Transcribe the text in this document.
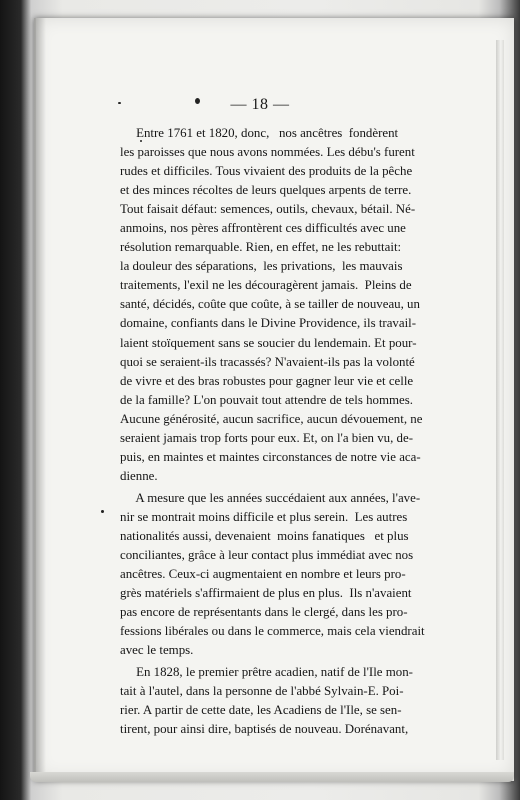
— 18 —

Entre 1761 et 1820, donc,   nos ancêtres  fondèrent
les paroisses que nous avons nommées. Les débu's furent
rudes et difficiles. Tous vivaient des produits de la pêche
et des minces récoltes de leurs quelques arpents de terre.
Tout faisait défaut: semences, outils, chevaux, bétail. Né-
anmoins, nos pères affrontèrent ces difficultés avec une
résolution remarquable. Rien, en effet, ne les rebuttait:
la douleur des séparations,  les privations,  les mauvais
traitements, l'exil ne les découragèrent jamais.  Pleins de
santé, décidés, coûte que coûte, à se tailler de nouveau, un
domaine, confiants dans le Divine Providence, ils travail-
laient stoïquement sans se soucier du lendemain. Et pour-
quoi se seraient-ils tracassés? N'avaient-ils pas la volonté
de vivre et des bras robustes pour gagner leur vie et celle
de la famille? L'on pouvait tout attendre de tels hommes.
Aucune générosité, aucun sacrifice, aucun dévouement, ne
seraient jamais trop forts pour eux. Et, on l'a bien vu, de-
puis, en maintes et maintes circonstances de notre vie aca-
dienne.

A mesure que les années succédaient aux années, l'ave-
nir se montrait moins difficile et plus serein.  Les autres
nationalités aussi, devenaient  moins fanatiques   et plus
conciliantes, grâce à leur contact plus immédiat avec nos
ancêtres. Ceux-ci augmentaient en nombre et leurs pro-
grès matériels s'affirmaient de plus en plus.  Ils n'avaient
pas encore de représentants dans le clergé, dans les pro-
fessions libérales ou dans le commerce, mais cela viendrait
avec le temps.

En 1828, le premier prêtre acadien, natif de l'Ile mon-
tait à l'autel, dans la personne de l'abbé Sylvain-E. Poi-
rier. A partir de cette date, les Acadiens de l'Ile, se sen-
tirent, pour ainsi dire, baptisés de nouveau. Dorénavant,
